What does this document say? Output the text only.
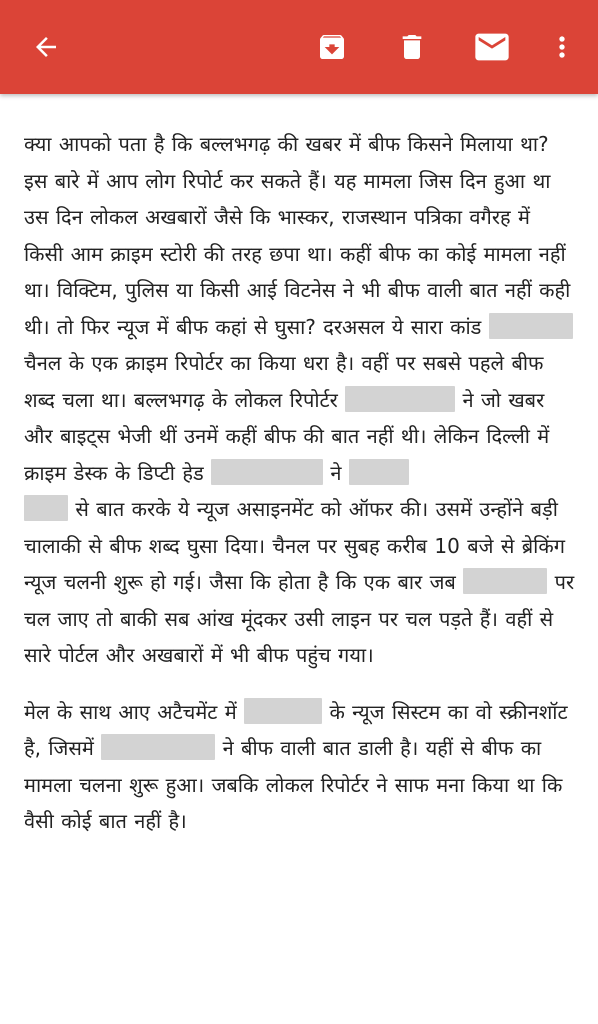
क्या आपको पता है कि बल्लभगढ़ की खबर में बीफ किसने मिलाया था? इस बारे में आप लोग रिपोर्ट कर सकते हैं। यह मामला जिस दिन हुआ था उस दिन लोकल अखबारों जैसे कि भास्कर, राजस्थान पत्रिका वगैरह में किसी आम क्राइम स्टोरी की तरह छपा था। कहीं बीफ का कोई मामला नहीं था। विक्टिम, पुलिस या किसी आई विटनेस ने भी बीफ वाली बात नहीं कही थी। तो फिर न्यूज में बीफ कहां से घुसा? दरअसल ये सारा कांड  चैनल के एक क्राइम रिपोर्टर का किया धरा है। वहीं पर सबसे पहले बीफ शब्द चला था। बल्लभगढ़ के लोकल रिपोर्टर	ने जो खबर और बाइट्स भेजी थीं उनमें कहीं बीफ की बात नहीं थी। लेकिन दिल्ली में क्राइम डेस्क के डिप्टी हेड	ने
से बात करके ये न्यूज असाइनमेंट को ऑफर की। उसमें उन्होंने बड़ी चालाकी से बीफ शब्द घुसा दिया। चैनल पर सुबह करीब 10 बजे से ब्रेकिंग न्यूज चलनी शुरू हो गई। जैसा कि होता है कि एक बार जब	पर चल जाए तो बाकी सब आंख मूंदकर उसी लाइन पर चल पड़ते हैं। वहीं से सारे पोर्टल और अखबारों में भी बीफ पहुंच गया।

मेल के साथ आए अटैचमेंट में	के न्यूज सिस्टम का वो स्क्रीनशॉट है, जिसमें	ने बीफ वाली बात डाली है। यहीं से बीफ का मामला चलना शुरू हुआ। जबकि लोकल रिपोर्टर ने साफ मना किया था कि वैसी कोई बात नहीं है।
